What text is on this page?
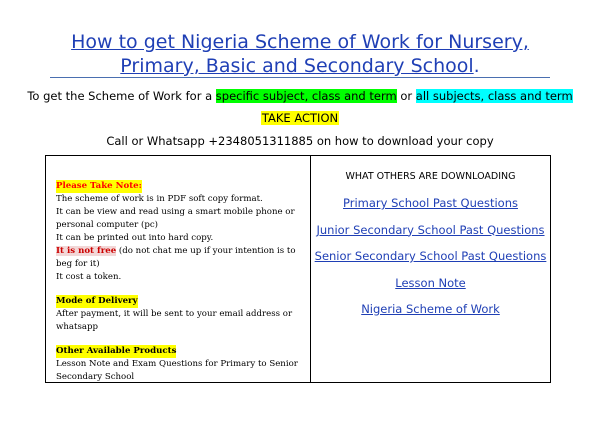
How to get Nigeria Scheme of Work for Nursery, Primary, Basic and Secondary School.
To get the Scheme of Work for a specific subject, class and term or all subjects, class and term
TAKE ACTION
Call or Whatsapp +2348051311885 on how to download your copy

Please Take Note:

The scheme of work is in PDF soft copy format.

It can be view and read using a smart mobile phone or personal computer (pc)

It can be printed out into hard copy.

It is not free (do not chat me up if your intention is to beg for it)

It cost a token.

Mode of Delivery

After payment, it will be sent to your email address or whatsapp

Other Available Products

Lesson Note and Exam Questions for Primary to Senior Secondary School

WHAT OTHERS ARE DOWNLOADING
Primary School Past Questions
Junior Secondary School Past Questions
Senior Secondary School Past Questions
Lesson Note
Nigeria Scheme of Work
